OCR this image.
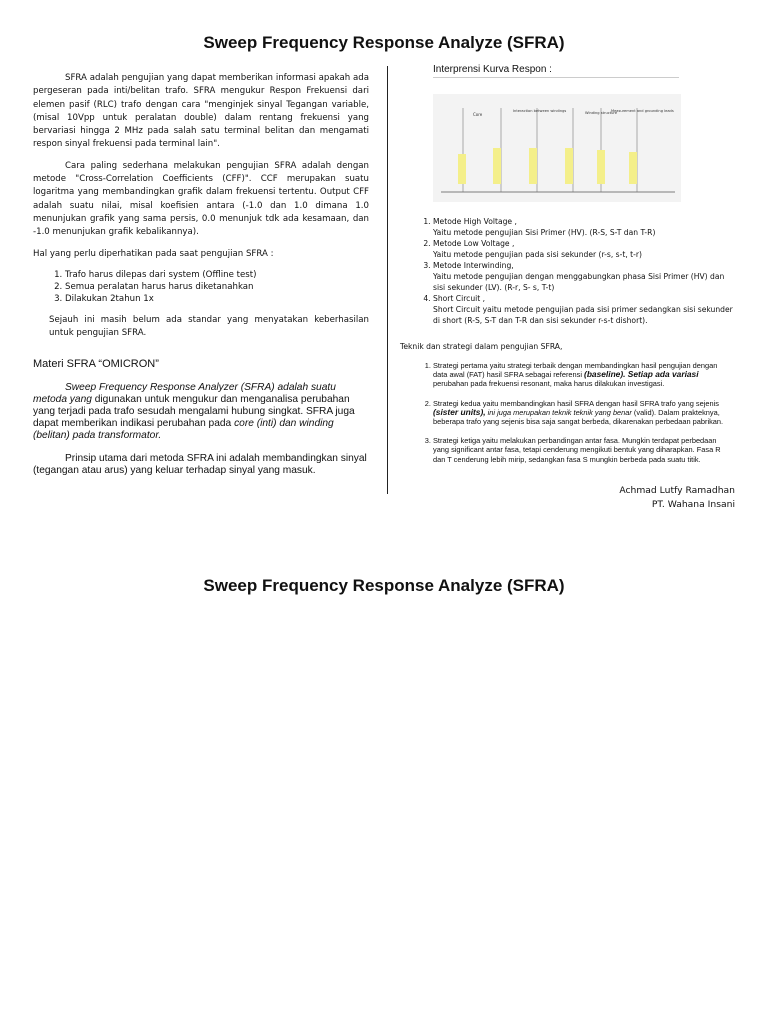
Sweep Frequency Response Analyze (SFRA)

SFRA adalah pengujian yang dapat memberikan informasi apakah ada pergeseran pada inti/belitan trafo. SFRA mengukur Respon Frekuensi dari elemen pasif (RLC) trafo dengan cara "menginjek sinyal Tegangan variable, (misal 10Vpp untuk peralatan double) dalam rentang frekuensi yang bervariasi hingga 2 MHz pada salah satu terminal belitan dan mengamati respon sinyal frekuensi pada terminal lain".

Cara paling sederhana melakukan pengujian SFRA adalah dengan metode "Cross-Correlation Coefficients (CFF)". CCF merupakan suatu logaritma yang membandingkan grafik dalam frekuensi tertentu. Output CFF adalah suatu nilai, misal koefisien antara (-1.0 dan 1.0 dimana 1.0 menunjukan grafik yang sama persis, 0.0 menunjuk tdk ada kesamaan, dan -1.0 menunjukan grafik kebalikannya).

Hal yang perlu diperhatikan pada saat pengujian SFRA :

1. Trafo harus dilepas dari system (Offline test)
2. Semua peralatan harus harus diketanahkan
3. Dilakukan 2tahun 1x

Sejauh ini masih belum ada standar yang menyatakan keberhasilan untuk pengujian SFRA.

Materi SFRA “OMICRON”

Sweep Frequency Response Analyzer (SFRA) adalah suatu metoda yang digunakan untuk mengukur dan menganalisa perubahan yang terjadi pada trafo sesudah mengalami hubung singkat. SFRA juga dapat memberikan indikasi perubahan pada core (inti) dan winding (belitan) pada transformator.

Prinsip utama dari metoda SFRA ini adalah membandingkan sinyal (tegangan atau arus) yang keluar terhadap sinyal yang masuk.

Interprensi Kurva Respon :
Core
Interaction between windings	Winding structure
Measurement and grounding leads
1. Metode High Voltage ,
Yaitu metode pengujian Sisi Primer (HV). (R-S, S-T dan T-R)
2. Metode Low Voltage ,
Yaitu metode pengujian pada sisi sekunder (r-s, s-t, t-r)
3. Metode Interwinding,
Yaitu metode pengujian dengan menggabungkan phasa Sisi Primer (HV) dan sisi sekunder (LV). (R-r, S- s, T-t)
4. Short Circuit ,
Short Circuit yaitu metode pengujian pada sisi primer sedangkan sisi sekunder di short (R-S, S-T dan T-R dan sisi sekunder r-s-t dishort).
Teknik dan strategi dalam pengujian SFRA,
1. Strategi pertama yaitu strategi terbaik dengan membandingkan hasil pengujian dengan data awal (FAT) hasil SFRA sebagai referensi (baseline). Setiap ada variasi perubahan pada frekuensi resonant, maka harus dilakukan investigasi.
2. Strategi kedua yaitu membandingkan hasil SFRA dengan hasil SFRA trafo yang sejenis (sister units), ini juga merupakan teknik teknik yang benar (valid). Dalam prakteknya, beberapa trafo yang sejenis bisa saja sangat berbeda, dikarenakan perbedaan pabrikan.
3. Strategi ketiga yaitu melakukan perbandingan antar fasa. Mungkin terdapat perbedaan yang significant antar fasa, tetapi cenderung mengikuti bentuk yang diharapkan. Fasa R dan T cenderung lebih mirip, sedangkan fasa S mungkin berbeda pada suatu titik.
Achmad Lutfy Ramadhan
PT. Wahana Insani
Sweep Frequency Response Analyze (SFRA)
